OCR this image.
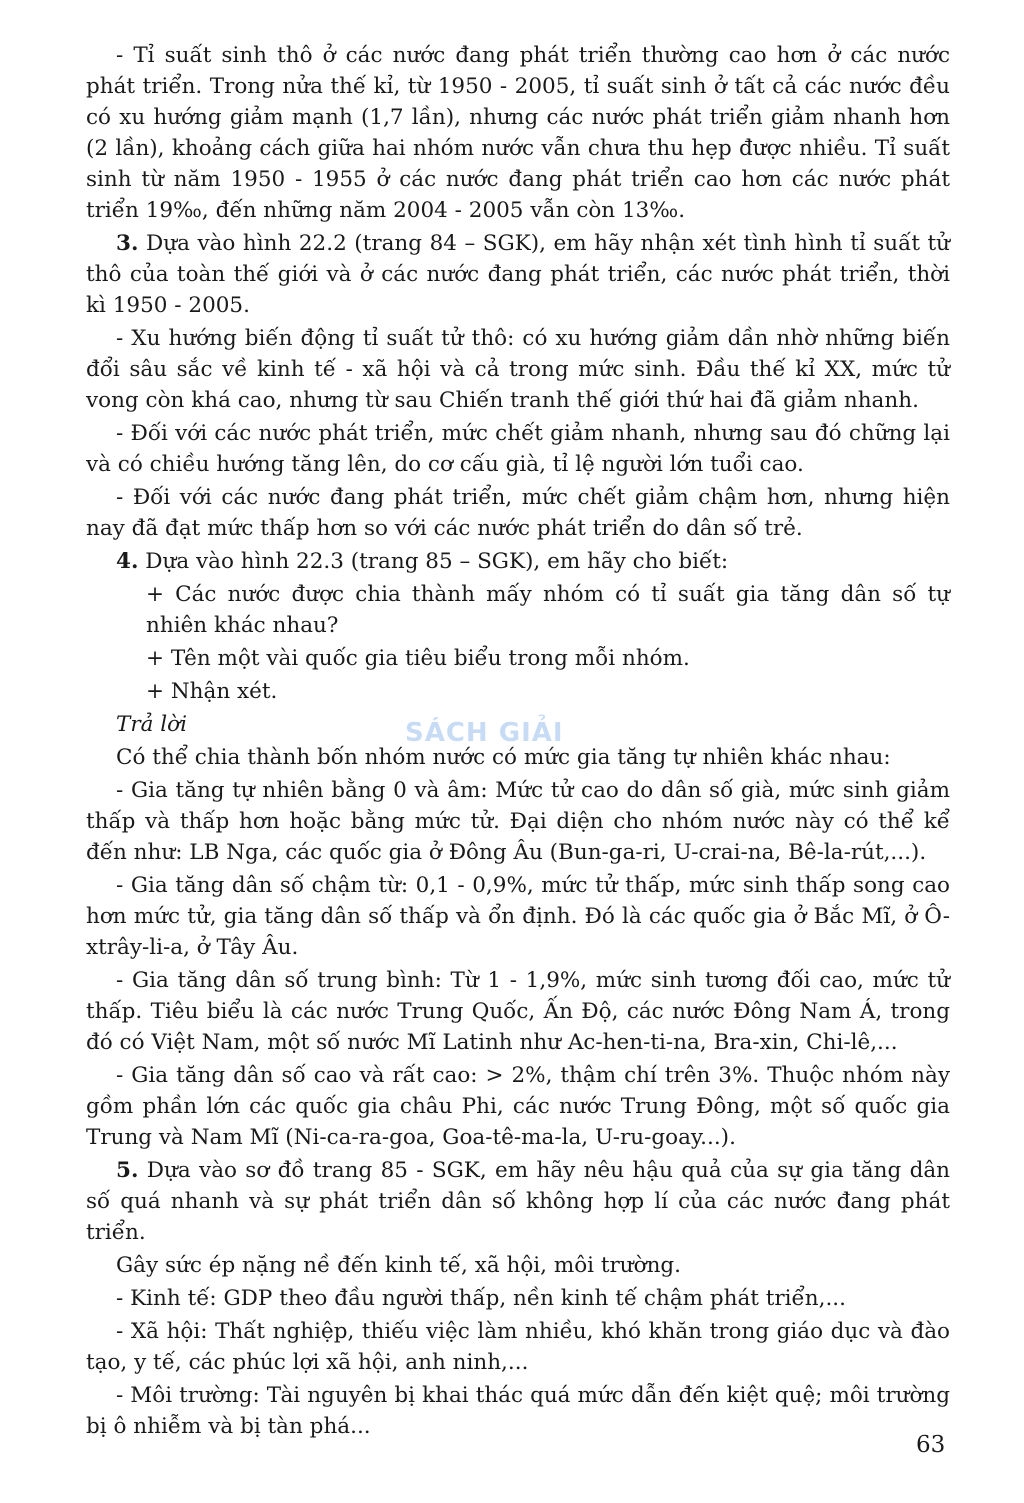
- Tỉ suất sinh thô ở các nước đang phát triển thường cao hơn ở các nước phát triển. Trong nửa thế kỉ, từ 1950 - 2005, tỉ suất sinh ở tất cả các nước đều có xu hướng giảm mạnh (1,7 lần), nhưng các nước phát triển giảm nhanh hơn (2 lần), khoảng cách giữa hai nhóm nước vẫn chưa thu hẹp được nhiều. Tỉ suất sinh từ năm 1950 - 1955 ở các nước đang phát triển cao hơn các nước phát triển 19‰, đến những năm 2004 - 2005 vẫn còn 13‰.

3. Dựa vào hình 22.2 (trang 84 – SGK), em hãy nhận xét tình hình tỉ suất tử thô của toàn thế giới và ở các nước đang phát triển, các nước phát triển, thời kì 1950 - 2005.

- Xu hướng biến động tỉ suất tử thô: có xu hướng giảm dần nhờ những biến đổi sâu sắc về kinh tế - xã hội và cả trong mức sinh. Đầu thế kỉ XX, mức tử vong còn khá cao, nhưng từ sau Chiến tranh thế giới thứ hai đã giảm nhanh.

- Đối với các nước phát triển, mức chết giảm nhanh, nhưng sau đó chững lại và có chiều hướng tăng lên, do cơ cấu già, tỉ lệ người lớn tuổi cao.

- Đối với các nước đang phát triển, mức chết giảm chậm hơn, nhưng hiện nay đã đạt mức thấp hơn so với các nước phát triển do dân số trẻ.

4. Dựa vào hình 22.3 (trang 85 – SGK), em hãy cho biết:

+ Các nước được chia thành mấy nhóm có tỉ suất gia tăng dân số tự nhiên khác nhau?

+ Tên một vài quốc gia tiêu biểu trong mỗi nhóm.

+ Nhận xét.

Trả lời

Có thể chia thành bốn nhóm nước có mức gia tăng tự nhiên khác nhau:

- Gia tăng tự nhiên bằng 0 và âm: Mức tử cao do dân số già, mức sinh giảm thấp và thấp hơn hoặc bằng mức tử. Đại diện cho nhóm nước này có thể kể đến như: LB Nga, các quốc gia ở Đông Âu (Bun-ga-ri, U-crai-na, Bê-la-rút,...).

- Gia tăng dân số chậm từ: 0,1 - 0,9%, mức tử thấp, mức sinh thấp song cao hơn mức tử, gia tăng dân số thấp và ổn định. Đó là các quốc gia ở Bắc Mĩ, ở Ô-xtrây-li-a, ở Tây Âu.

- Gia tăng dân số trung bình: Từ 1 - 1,9%, mức sinh tương đối cao, mức tử thấp. Tiêu biểu là các nước Trung Quốc, Ấn Độ, các nước Đông Nam Á, trong đó có Việt Nam, một số nước Mĩ Latinh như Ac-hen-ti-na, Bra-xin, Chi-lê,...

- Gia tăng dân số cao và rất cao: > 2%, thậm chí trên 3%. Thuộc nhóm này gồm phần lớn các quốc gia châu Phi, các nước Trung Đông, một số quốc gia Trung và Nam Mĩ (Ni-ca-ra-goa, Goa-tê-ma-la, U-ru-goay...).

5. Dựa vào sơ đồ trang 85 - SGK, em hãy nêu hậu quả của sự gia tăng dân số quá nhanh và sự phát triển dân số không hợp lí của các nước đang phát triển.

Gây sức ép nặng nề đến kinh tế, xã hội, môi trường.

- Kinh tế: GDP theo đầu người thấp, nền kinh tế chậm phát triển,...

- Xã hội: Thất nghiệp, thiếu việc làm nhiều, khó khăn trong giáo dục và đào tạo, y tế, các phúc lợi xã hội, anh ninh,...

- Môi trường: Tài nguyên bị khai thác quá mức dẫn đến kiệt quệ; môi trường bị ô nhiễm và bị tàn phá...

SÁCH GIẢI
63
